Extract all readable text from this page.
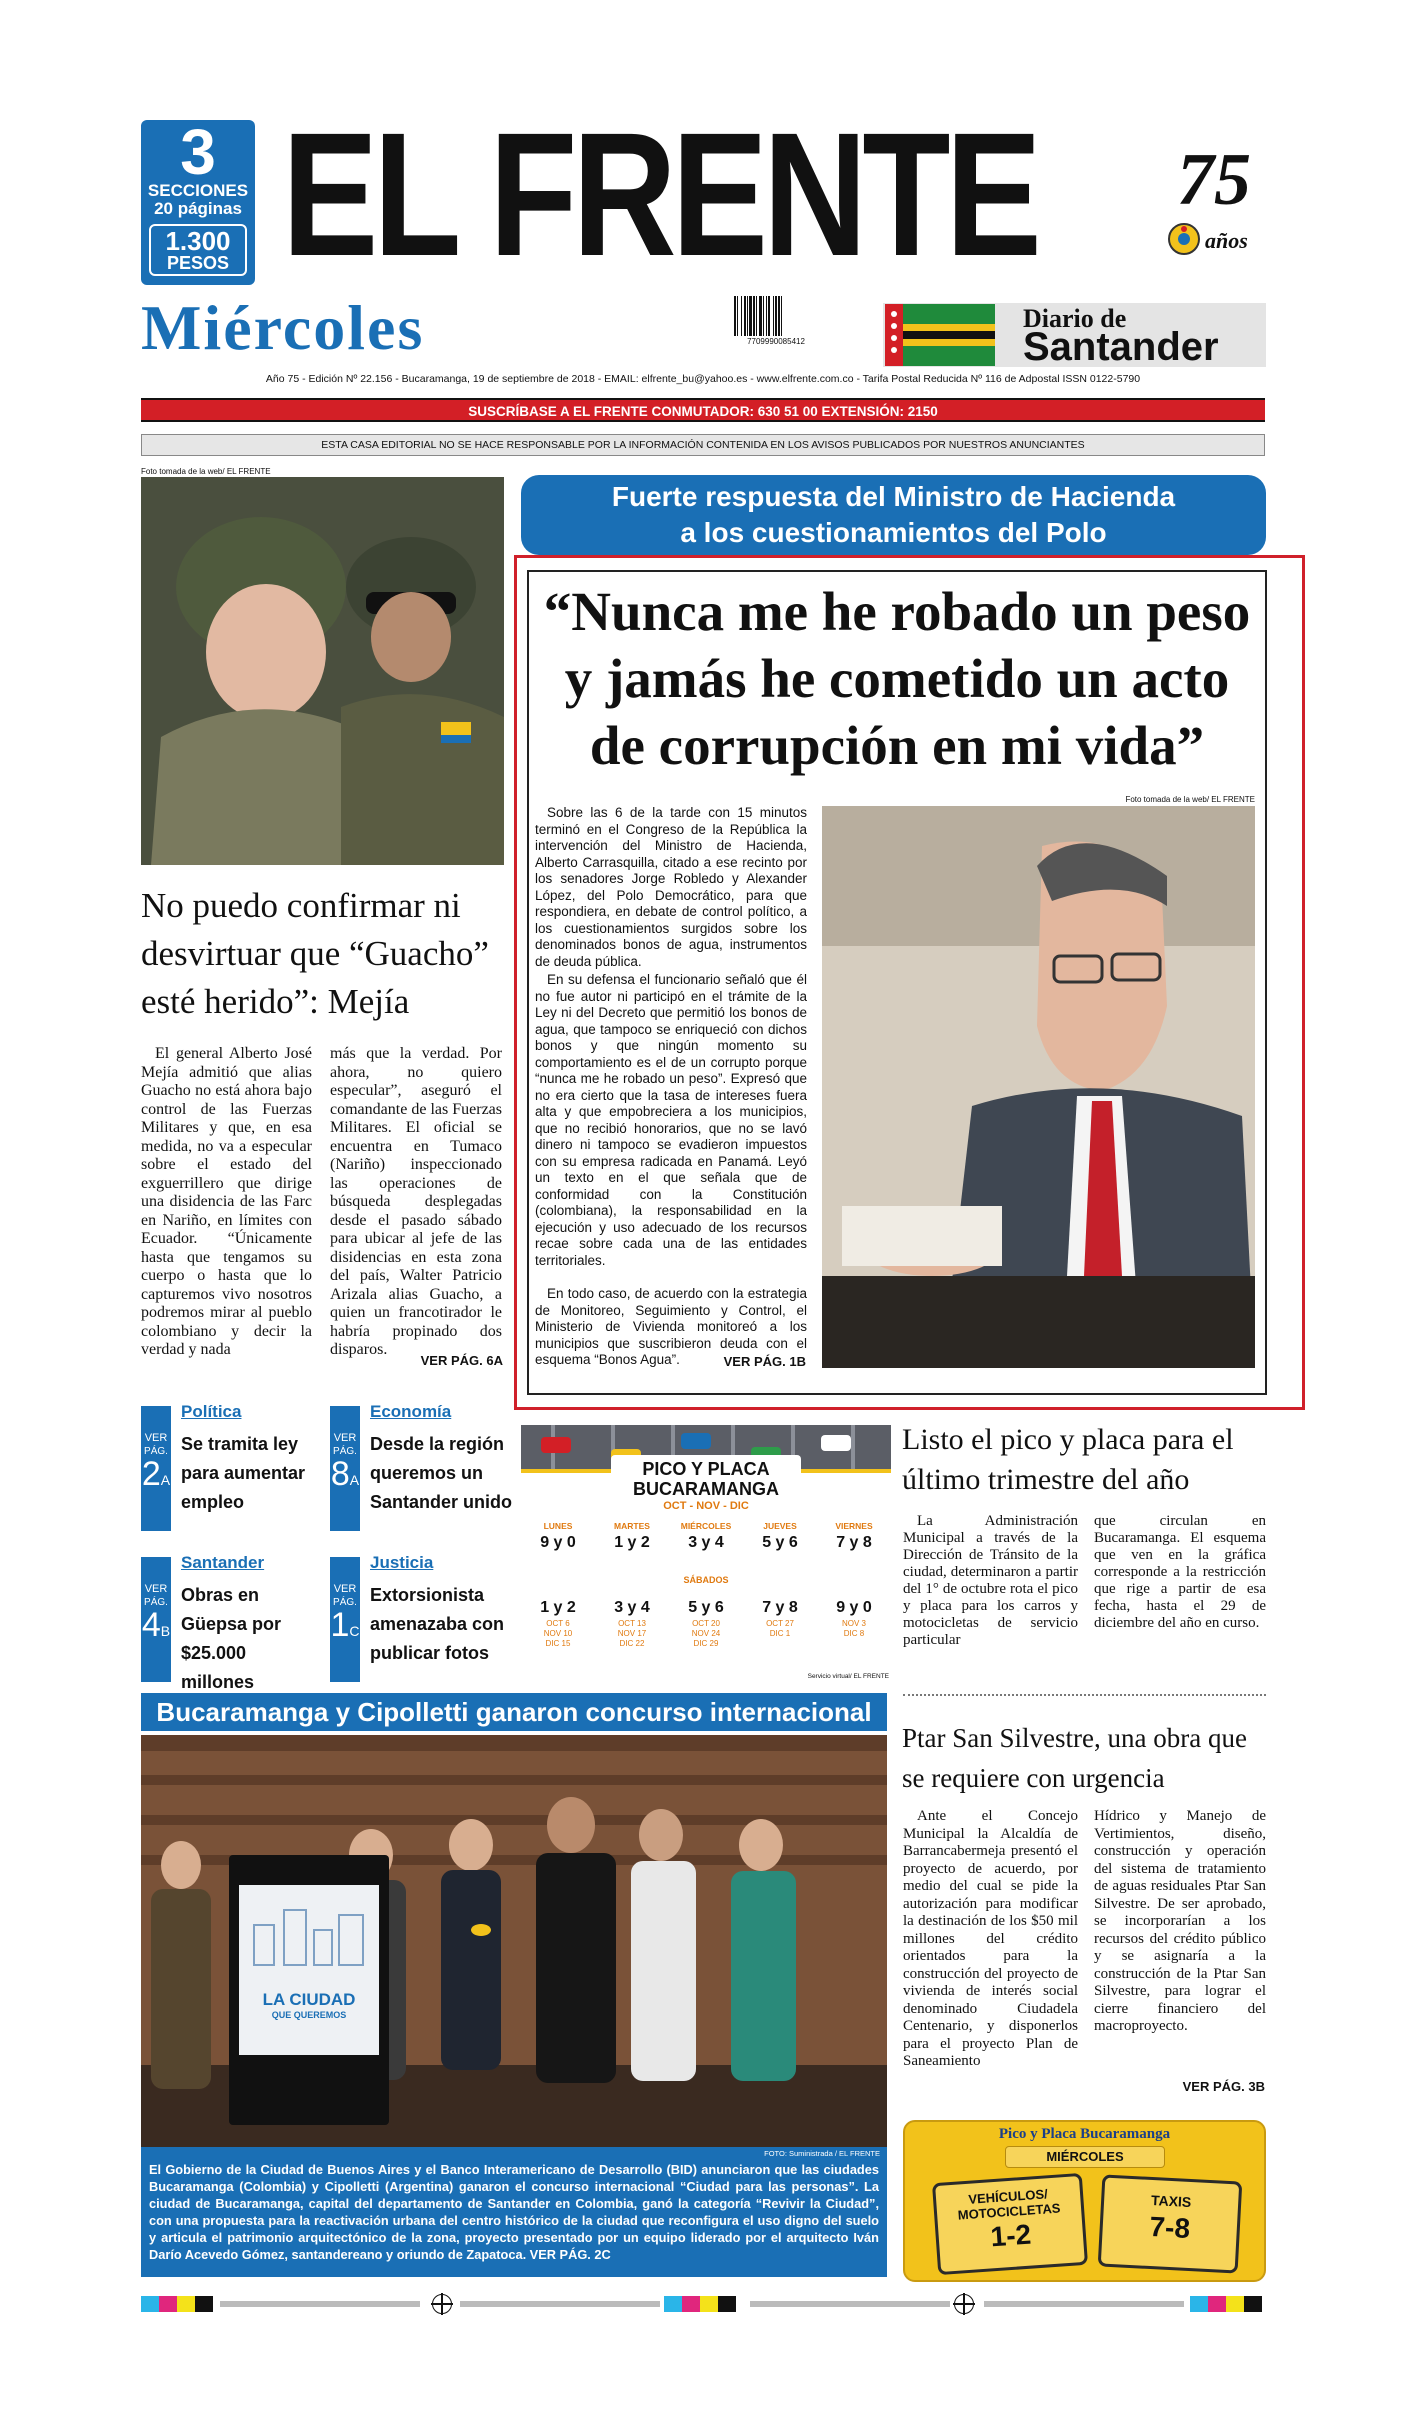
3
SECCIONES
20 páginas
1.300
PESOS EL FRENTE 75
años
Miércoles	7709990085412
Diario de
Santander
Año 75 - Edición Nº 22.156 - Bucaramanga, 19 de septiembre de 2018 - EMAIL: elfrente_bu@yahoo.es - www.elfrente.com.co - Tarifa Postal Reducida Nº 116 de Adpostal ISSN 0122-5790
SUSCRÍBASE A EL FRENTE CONMUTADOR: 630 51 00 EXTENSIÓN: 2150
ESTA CASA EDITORIAL NO SE HACE RESPONSABLE POR LA INFORMACIÓN CONTENIDA EN LOS AVISOS PUBLICADOS POR NUESTROS ANUNCIANTES
Foto tomada de la web/ EL FRENTE
No puedo confirmar ni desvirtuar que “Guacho” esté herido”: Mejía
El general Alberto José Mejía admitió que alias Guacho no está ahora bajo control de las Fuerzas Militares y que, en esa medida, no va a especular sobre el estado del exguerrillero que dirige una disidencia de las Farc en Nariño, en límites con Ecuador. “Únicamente hasta que tengamos su cuerpo o hasta que lo capturemos vivo nosotros podremos mirar al pueblo colombiano y decir la verdad y nada
más que la verdad. Por ahora, no quiero especular”, aseguró el comandante de las Fuerzas Militares. El oficial se encuentra en Tumaco (Nariño) inspeccionado las operaciones de búsqueda desplegadas desde el pasado sábado para ubicar al jefe de las disidencias en esta zona del país, Walter Patricio Arizala alias Guacho, a quien un francotirador le habría propinado dos disparos.
VER PÁG. 6A
Fuerte respuesta del Ministro de Hacienda a los cuestionamientos del Polo Democrático
“Nunca me he robado un peso y jamás he cometido un acto de corrupción en mi vida”
Foto tomada de la web/ EL FRENTE
Sobre las 6 de la tarde con 15 minutos terminó en el Congreso de la República la intervención del Ministro de Hacienda, Alberto Carrasquilla, citado a ese recinto por los senadores Jorge Robledo y Alexander López, del Polo Democrático, para que respondiera, en debate de control político, a los cuestionamientos surgidos sobre los denominados bonos de agua, instrumentos de deuda pública.
En su defensa el funcionario señaló que él no fue autor ni participó en el trámite de la Ley ni del Decreto que permitió los bonos de agua, que tampoco se enriqueció con dichos bonos y que ningún momento su comportamiento es el de un corrupto porque “nunca me he robado un peso”. Expresó que no era cierto que la tasa de intereses fuera alta y que empobreciera a los municipios, que no recibió honorarios, que no se lavó dinero ni tampoco se evadieron impuestos con su empresa radicada en Panamá. Leyó un texto en el que señala que de conformidad con la Constitución (colombiana), la responsabilidad en la ejecución y uso adecuado de los recursos recae sobre cada una de las entidades territoriales.
En todo caso, de acuerdo con la estrategia de Monitoreo, Seguimiento y Control, el Ministerio de Vivienda monitoreó a los municipios que suscribieron deuda con el esquema “Bonos Agua”.	VER PÁG. 1B
VER
PÁG.
2A
Política
Se tramita ley para aumentar empleo
VER
PÁG.
8A
Economía
Desde la región queremos un Santander unido
VER
PÁG.
4B
Santander
Obras en Güepsa por $25.000 millones
VER
PÁG.
1C
Justicia
Extorsionista amenazaba con publicar fotos
PICO Y PLACA
BUCARAMANGA
OCT - NOV - DIC
LUNES
9 y 0
MARTES
1 y 2
MIÉRCOLES
3 y 4
JUEVES
5 y 6
VIERNES
7 y 8
SÁBADOS
1 y 2
OCT 6
NOV 10
DIC 15
3 y 4
OCT 13
NOV 17
DIC 22
5 y 6
OCT 20
NOV 24
DIC 29
7 y 8
OCT 27
DIC 1
9 y 0
NOV 3
DIC 8
Servicio virtual/ EL FRENTE
Listo el pico y placa para el último trimestre del año
La Administración Municipal a través de la Dirección de Tránsito de la ciudad, determinaron a partir del 1° de octubre rota el pico y placa para los carros y motocicletas de servicio particular
que circulan en Bucaramanga. El esquema que ven en la gráfica corresponde a la restricción que rige a partir de esa fecha, hasta el 29 de diciembre del año en curso.
Bucaramanga y Cipolletti ganaron concurso internacional
LA CIUDAD
QUE QUEREMOS
FOTO: Suministrada / EL FRENTE
El Gobierno de la Ciudad de Buenos Aires y el Banco Interamericano de Desarrollo (BID) anunciaron que las ciudades Bucaramanga (Colombia) y Cipolletti (Argentina) ganaron el concurso internacional “Ciudad para las personas”. La ciudad de Bucaramanga, capital del departamento de Santander en Colombia, ganó la categoría “Revivir la Ciudad”, con una propuesta para la reactivación urbana del centro histórico de la ciudad que reconfigura el uso digno del suelo y articula el patrimonio arquitectónico de la zona, proyecto presentado por un equipo liderado por el arquitecto Iván Darío Acevedo Gómez, santandereano y oriundo de Zapatoca. VER PÁG. 2C
Ptar San Silvestre, una obra que se requiere con urgencia
Ante el Concejo Municipal la Alcaldía de Barrancabermeja presentó el proyecto de acuerdo, por medio del cual se pide la autorización para modificar la destinación de los $50 mil millones del crédito orientados para la construcción del proyecto de vivienda de interés social denominado Ciudadela Centenario, y disponerlos para el proyecto Plan de Saneamiento
Hídrico y Manejo de Vertimientos, diseño, construcción y operación del sistema de tratamiento de aguas residuales Ptar San Silvestre. De ser aprobado, se incorporarían a los recursos del crédito público y se asignaría a la construcción de la Ptar San Silvestre, para lograr el cierre financiero del macroproyecto.
VER PÁG. 3B
Pico y Placa Bucaramanga
MIÉRCOLES
VEHÍCULOS/ MOTOCICLETAS
1-2
TAXIS
7-8
